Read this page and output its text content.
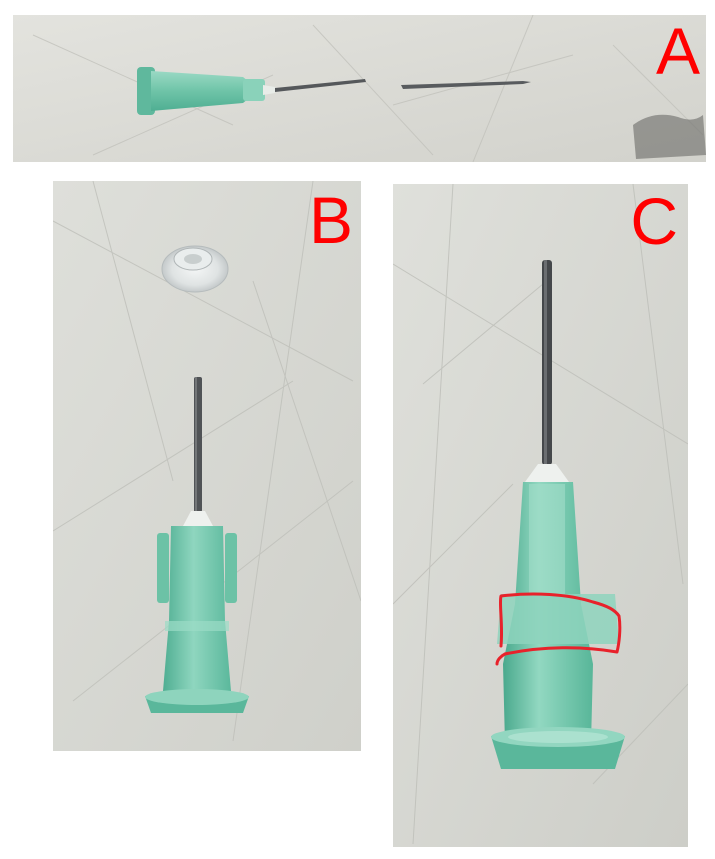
A
B	C
